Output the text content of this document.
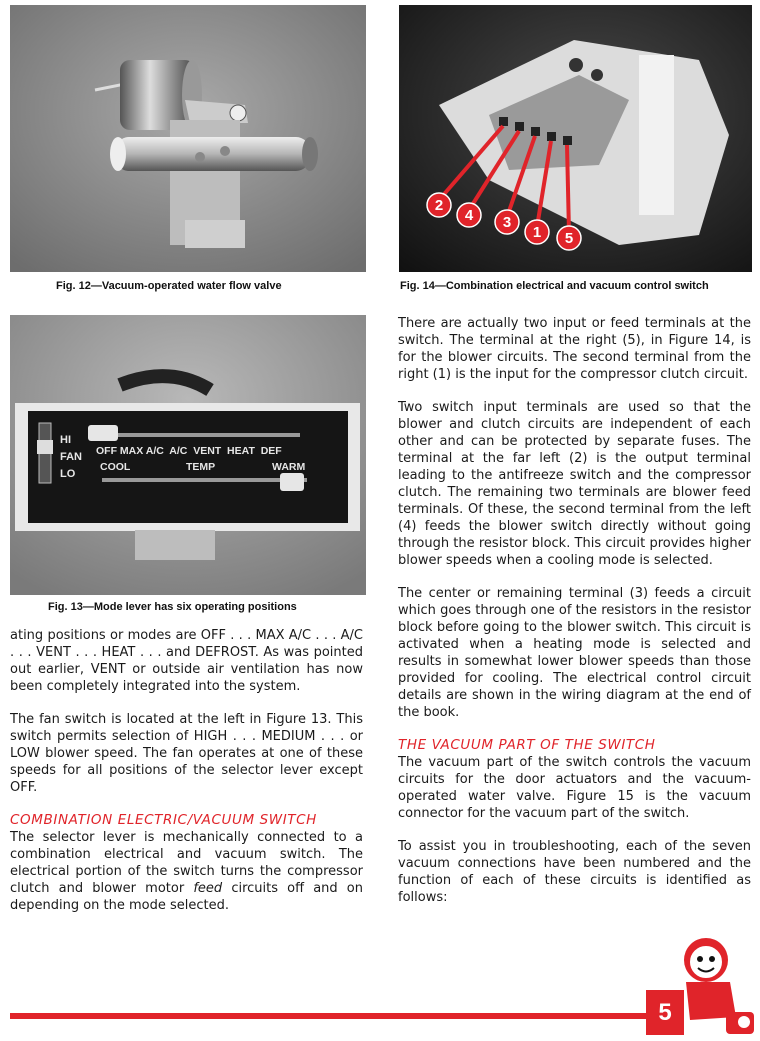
Fig. 12—Vacuum-operated water flow valve
2
4 3
1 5
Fig. 14—Combination electrical and vacuum control switch
HI
FAN
LO
OFF MAX A/C  A/C  VENT  HEAT  DEF
COOL	TEMP	WARM
Fig. 13—Mode lever has six operating positions

ating positions or modes are OFF . . . MAX A/C . . . A/C . . . VENT . . . HEAT . . . and DEFROST. As was pointed out earlier, VENT or outside air ventilation has now been completely integrated into the system.

The fan switch is located at the left in Figure 13. This switch permits selection of HIGH . . . MEDIUM . . . or LOW blower speed. The fan operates at one of these speeds for all positions of the selector lever except OFF.

COMBINATION ELECTRIC/VACUUM SWITCH

The selector lever is mechanically connected to a combination electrical and vacuum switch. The electrical portion of the switch turns the compressor clutch and blower motor feed circuits off and on depending on the mode selected.

There are actually two input or feed terminals at the switch. The terminal at the right (5), in Figure 14, is for the blower circuits. The second terminal from the right (1) is the input for the compressor clutch circuit.

Two switch input terminals are used so that the blower and clutch circuits are independent of each other and can be protected by separate fuses. The terminal at the far left (2) is the output terminal leading to the antifreeze switch and the compressor clutch. The remaining two terminals are blower feed terminals. Of these, the second terminal from the left (4) feeds the blower switch directly without going through the resistor block. This circuit provides higher blower speeds when a cooling mode is selected.

The center or remaining terminal (3) feeds a circuit which goes through one of the resistors in the resistor block before going to the blower switch. This circuit is activated when a heating mode is selected and results in somewhat lower blower speeds than those provided for cooling. The electrical control circuit details are shown in the wiring diagram at the end of the book.

THE VACUUM PART OF THE SWITCH

The vacuum part of the switch controls the vacuum circuits for the door actuators and the vacuum-operated water valve. Figure 15 is the vacuum connector for the vacuum part of the switch.

To assist you in troubleshooting, each of the seven vacuum connections have been numbered and the function of each of these circuits is identified as follows:

5
